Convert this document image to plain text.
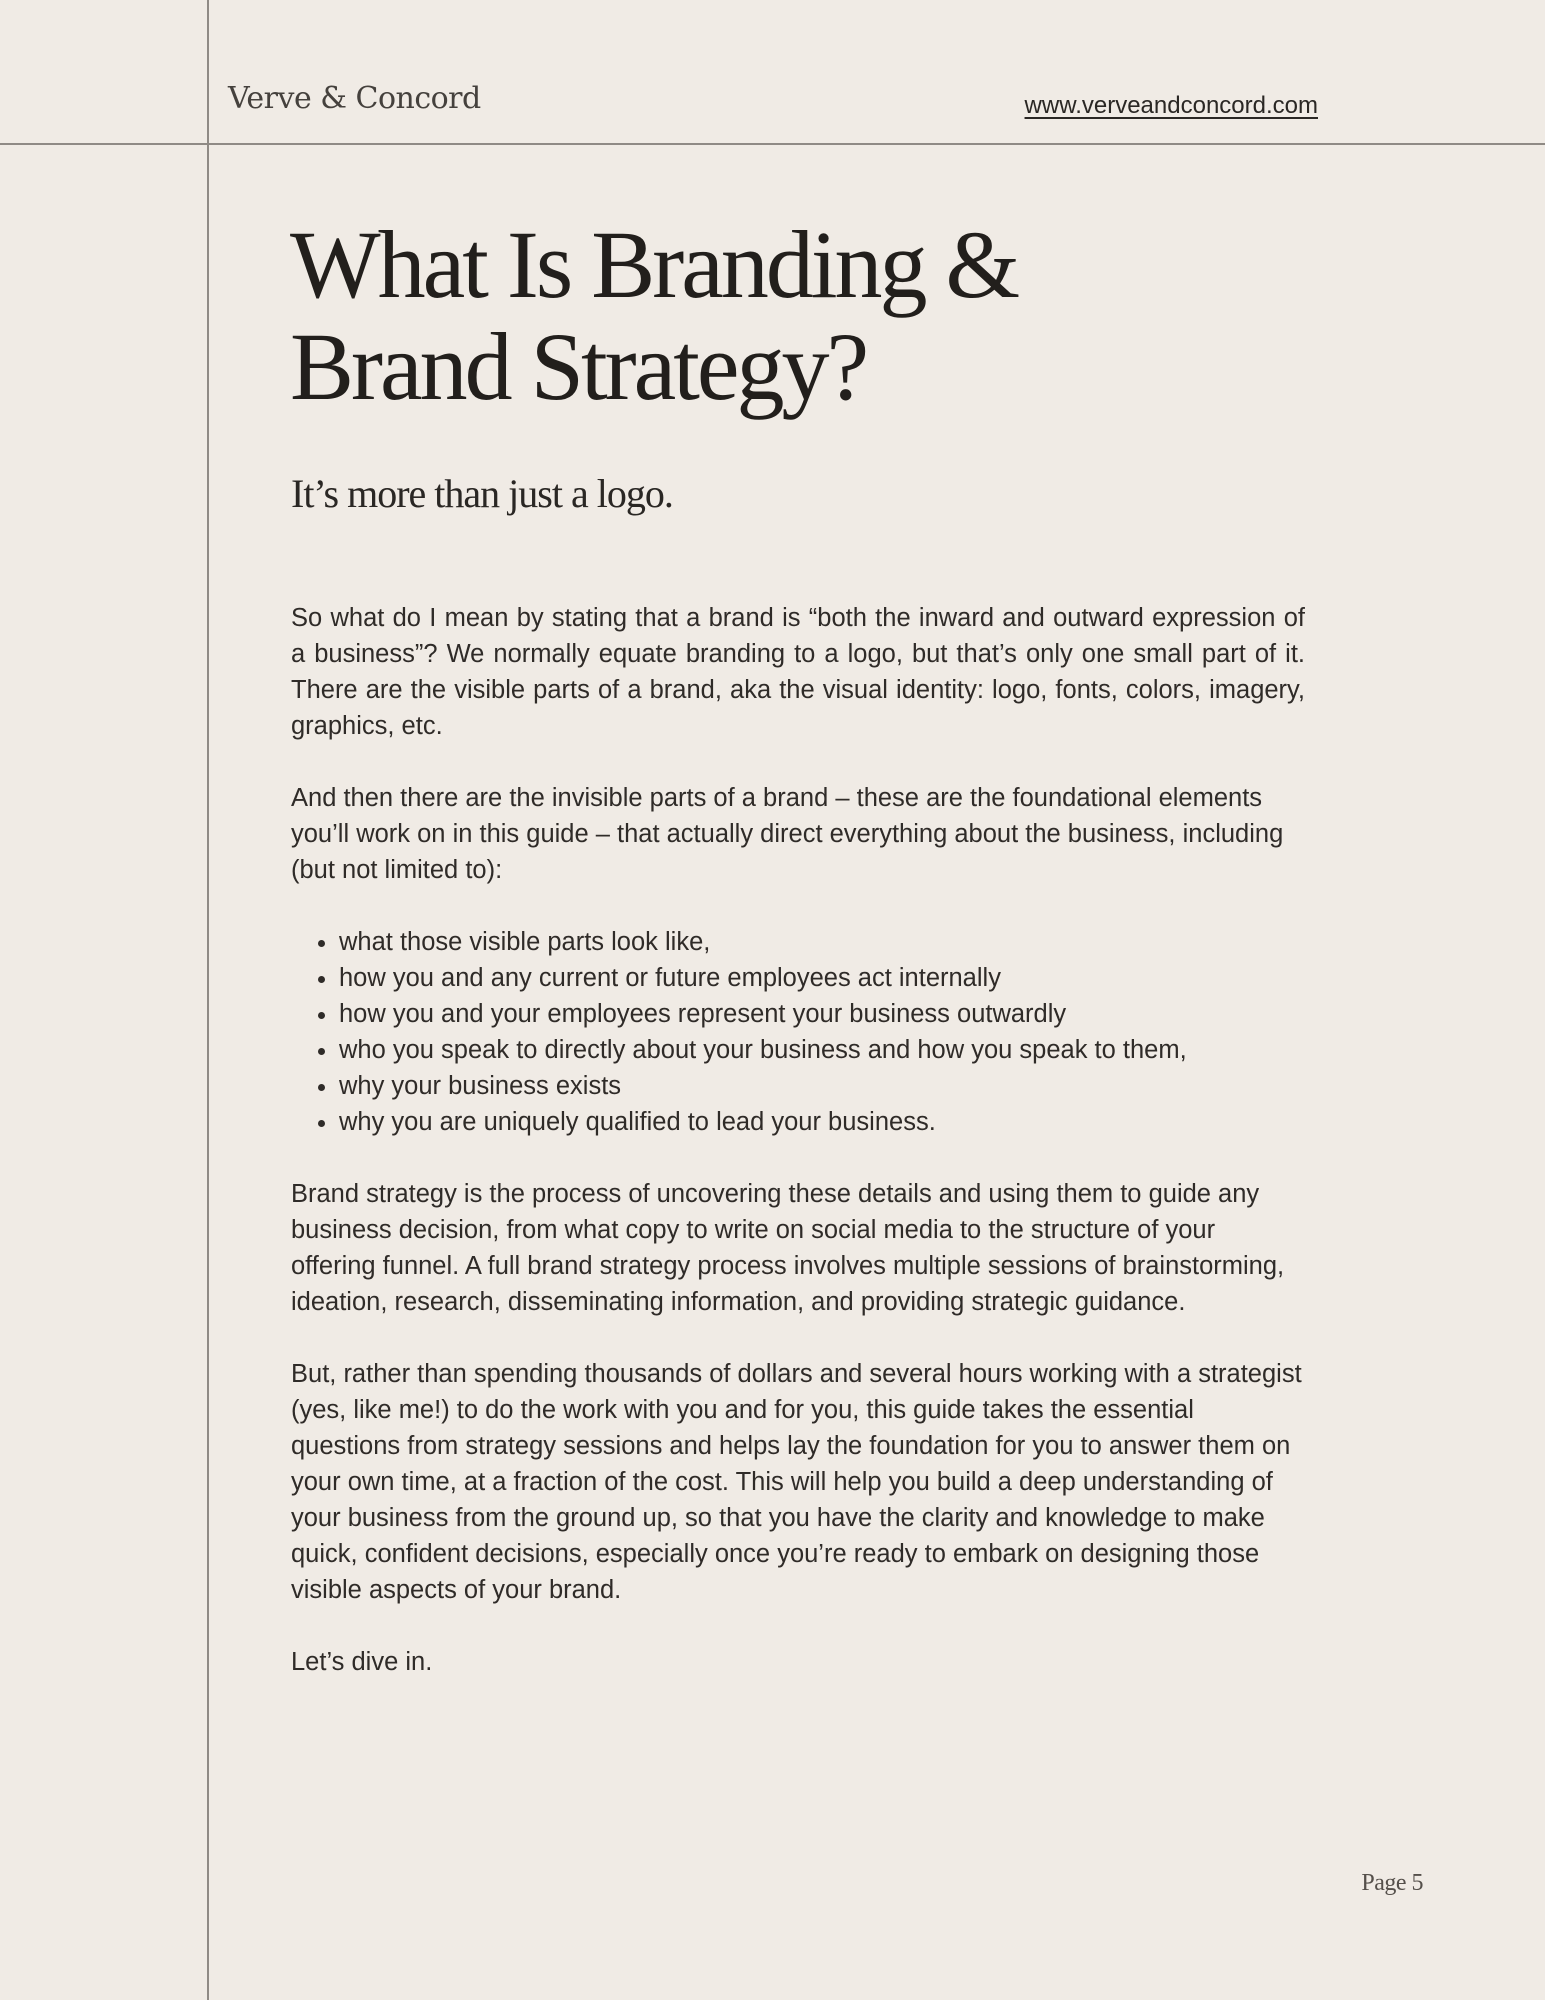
Verve & Concord	www.verveandconcord.com
What Is Branding &
Brand Strategy?
It’s more than just a logo.

So what do I mean by stating that a brand is “both the inward and outward expression of a business”? We normally equate branding to a logo, but that’s only one small part of it. There are the visible parts of a brand, aka the visual identity: logo, fonts, colors, imagery, graphics, etc.

And then there are the invisible parts of a brand – these are the foundational elements you’ll work on in this guide – that actually direct everything about the business, including (but not limited to):

• what those visible parts look like,
• how you and any current or future employees act internally
• how you and your employees represent your business outwardly
• who you speak to directly about your business and how you speak to them,
• why your business exists
• why you are uniquely qualified to lead your business.

Brand strategy is the process of uncovering these details and using them to guide any business decision, from what copy to write on social media to the structure of your offering funnel. A full brand strategy process involves multiple sessions of brainstorming, ideation, research, disseminating information, and providing strategic guidance.

But, rather than spending thousands of dollars and several hours working with a strategist (yes, like me!) to do the work with you and for you, this guide takes the essential questions from strategy sessions and helps lay the foundation for you to answer them on your own time, at a fraction of the cost. This will help you build a deep understanding of your business from the ground up, so that you have the clarity and knowledge to make quick, confident decisions, especially once you’re ready to embark on designing those visible aspects of your brand.

Let’s dive in.

Page 5
